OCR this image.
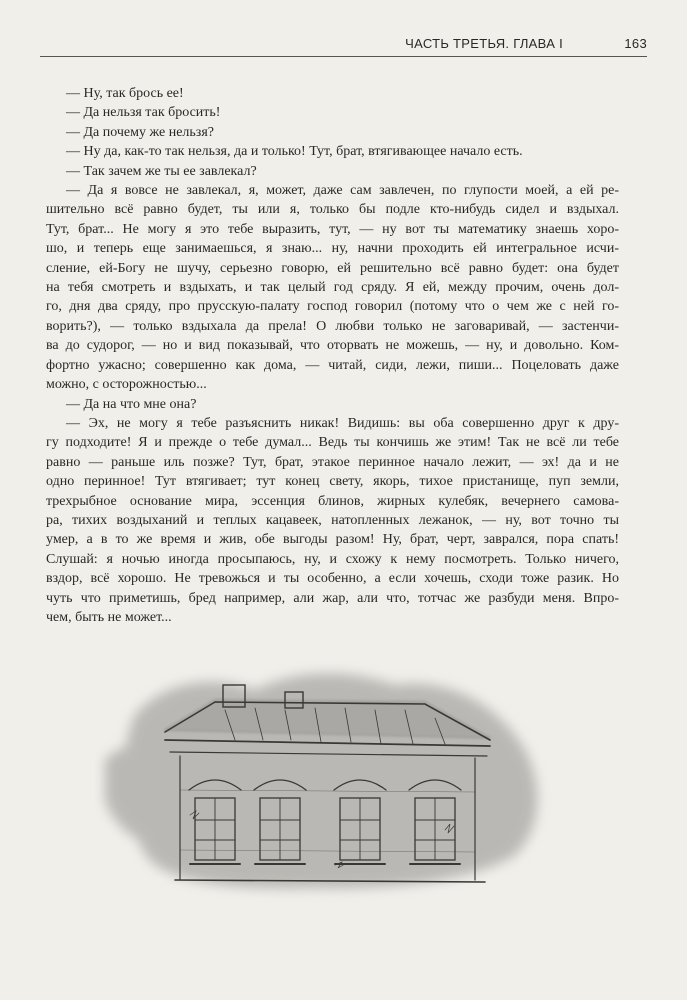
ЧАСТЬ ТРЕТЬЯ. ГЛАВА I	163
— Ну, так брось ее!
— Да нельзя так бросить!
— Да почему же нельзя?
— Ну да, как-то так нельзя, да и только! Тут, брат, втягивающее начало есть.
— Так зачем же ты ее завлекал?
— Да я вовсе не завлекал, я, может, даже сам завлечен, по глупости моей, а ей ре-
шительно всё равно будет, ты или я, только бы подле кто-нибудь сидел и вздыхал.
Тут, брат... Не могу я это тебе выразить, тут, — ну вот ты математику знаешь хоро-
шо, и теперь еще занимаешься, я знаю... ну, начни проходить ей интегральное исчи-
сление, ей-Богу не шучу, серьезно говорю, ей решительно всё равно будет: она будет
на тебя смотреть и вздыхать, и так целый год сряду. Я ей, между прочим, очень дол-
го, дня два сряду, про прусскую-палату господ говорил (потому что о чем же с ней го-
ворить?), — только вздыхала да прела! О любви только не заговаривай, — застенчи-
ва до судорог, — но и вид показывай, что оторвать не можешь, — ну, и довольно. Ком-
фортно ужасно; совершенно как дома, — читай, сиди, лежи, пиши... Поцеловать даже
можно, с осторожностью...
— Да на что мне она?
— Эх, не могу я тебе разъяснить никак! Видишь: вы оба совершенно друг к дру-
гу подходите! Я и прежде о тебе думал... Ведь ты кончишь же этим! Так не всё ли тебе
равно — раньше иль позже? Тут, брат, этакое перинное начало лежит, — эх! да и не
одно перинное! Тут втягивает; тут конец свету, якорь, тихое пристанище, пуп земли,
трехрыбное основание мира, эссенция блинов, жирных кулебяк, вечернего самова-
ра, тихих воздыханий и теплых кацавеек, натопленных лежанок, — ну, вот точно ты
умер, а в то же время и жив, обе выгоды разом! Ну, брат, черт, заврался, пора спать!
Слушай: я ночью иногда просыпаюсь, ну, и схожу к нему посмотреть. Только ничего,
вздор, всё хорошо. Не тревожься и ты особенно, а если хочешь, сходи тоже разик. Но
чуть что приметишь, бред например, али жар, али что, тотчас же разбуди меня. Впро-
чем, быть не может...
